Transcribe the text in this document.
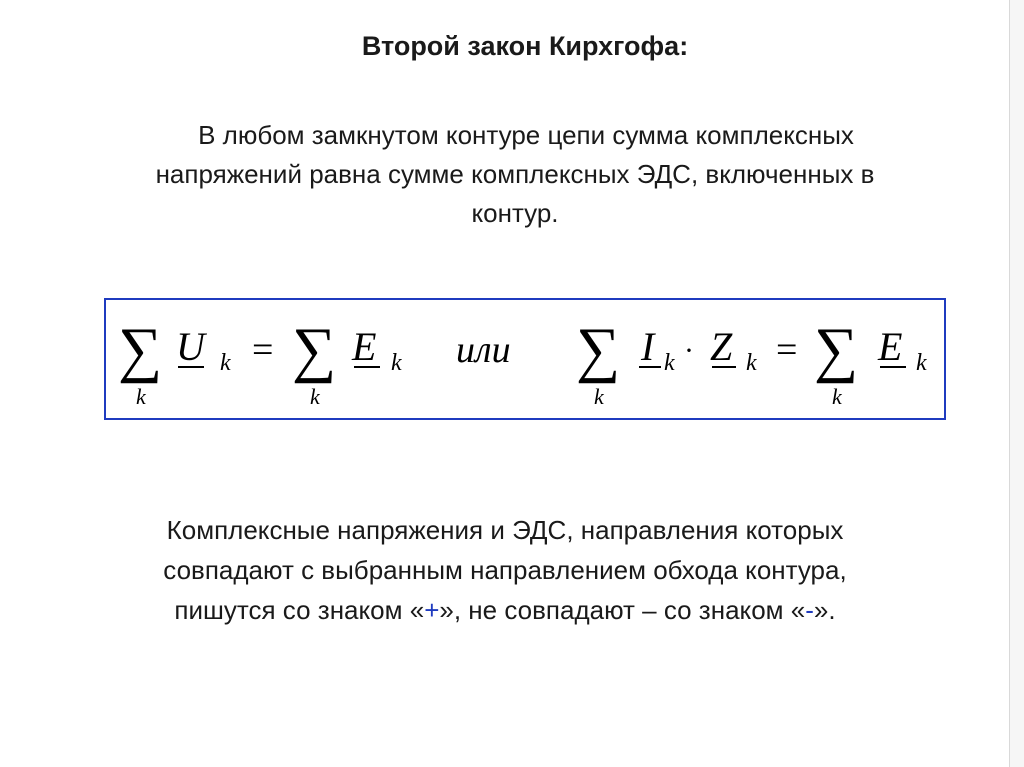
Второй закон Кирхгофа:
В любом замкнутом контуре цепи сумма комплексных
напряжений равна сумме комплексных ЭДС, включенных в
контур.
∑
k
U k = ∑
k
E k или ∑
k
I k · Z k = ∑
k
E k
Комплексные напряжения и ЭДС, направления которых
совпадают с выбранным направлением обхода контура,
пишутся со знаком «+», не совпадают – со знаком «-».
